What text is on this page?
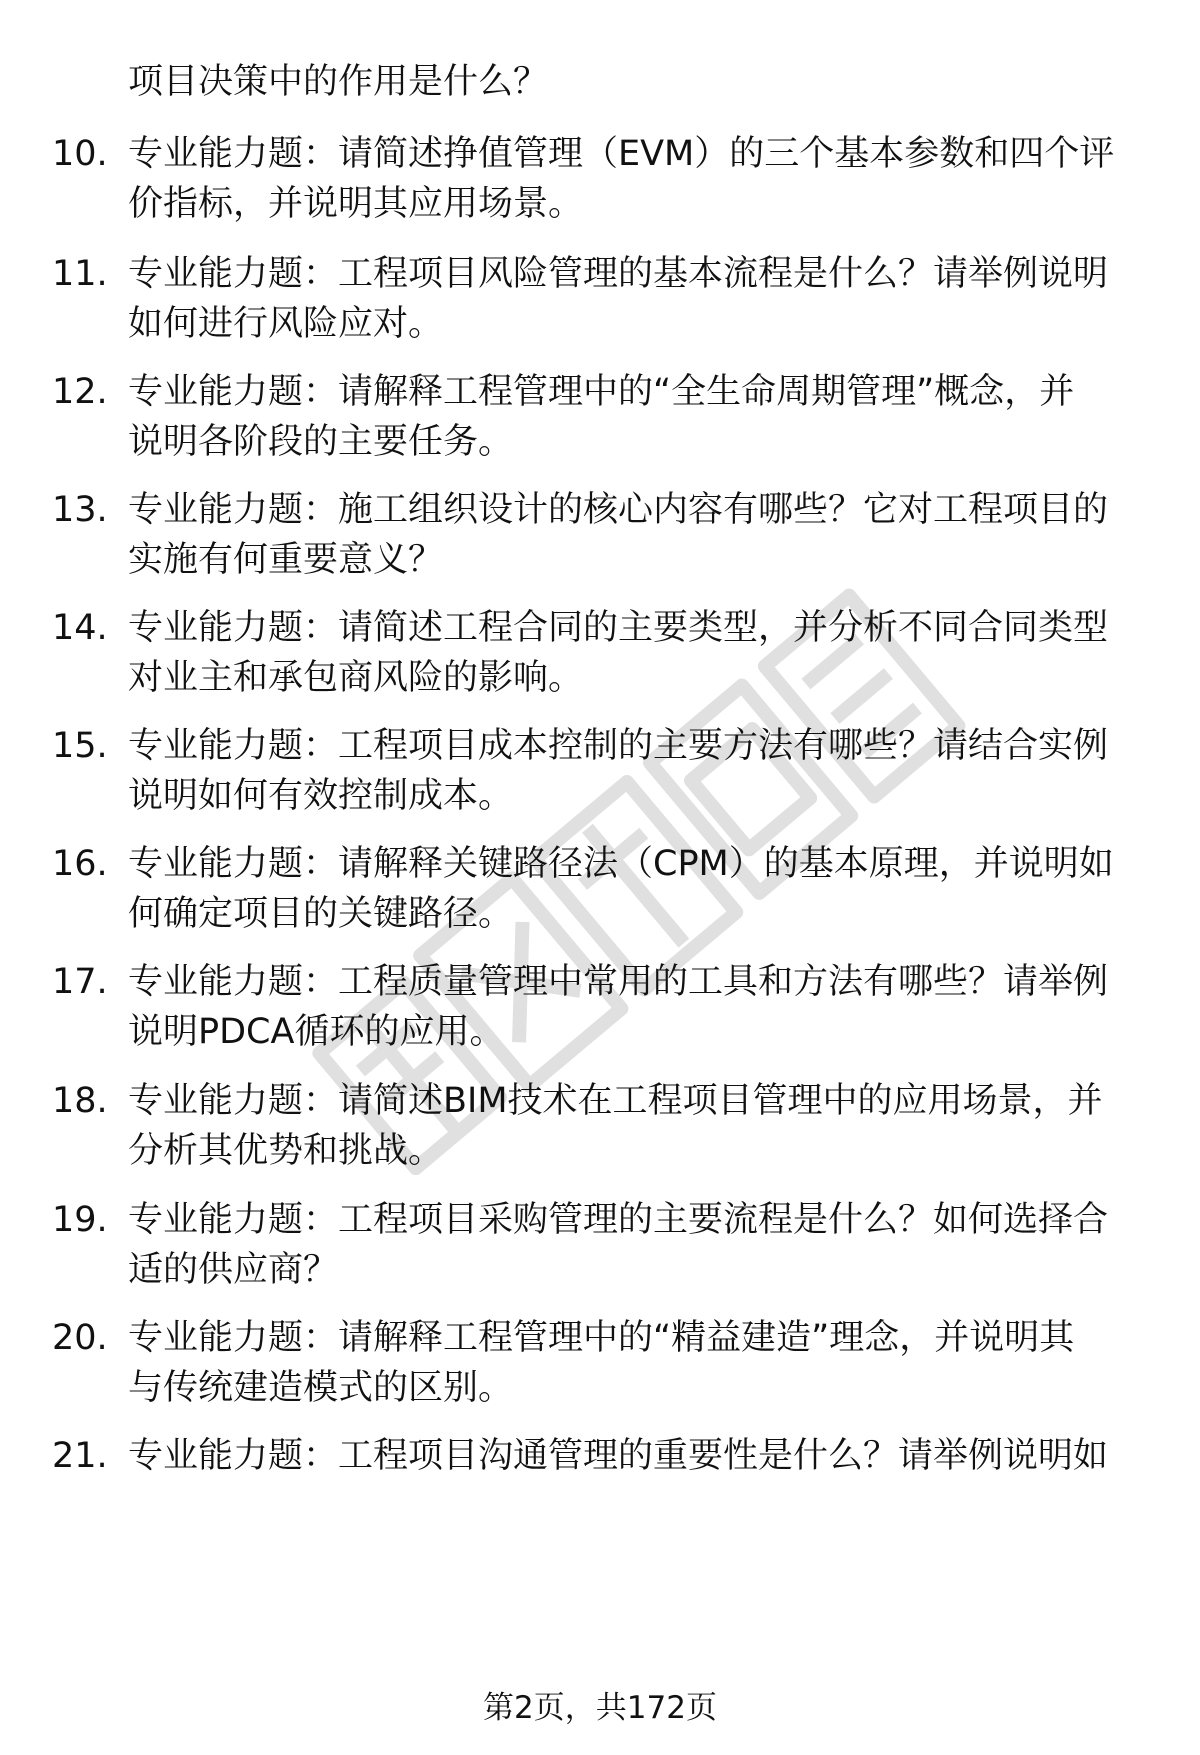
项目决策中的作用是什么？
10. 专业能力题：请简述挣值管理（EVM）的三个基本参数和四个评
价指标，并说明其应用场景。
11. 专业能力题：工程项目风险管理的基本流程是什么？请举例说明
如何进行风险应对。
12. 专业能力题：请解释工程管理中的“全生命周期管理”概念，并
说明各阶段的主要任务。
13. 专业能力题：施工组织设计的核心内容有哪些？它对工程项目的
实施有何重要意义？
14. 专业能力题：请简述工程合同的主要类型，并分析不同合同类型
对业主和承包商风险的影响。
15. 专业能力题：工程项目成本控制的主要方法有哪些？请结合实例
说明如何有效控制成本。
16. 专业能力题：请解释关键路径法（CPM）的基本原理，并说明如
何确定项目的关键路径。
17. 专业能力题：工程质量管理中常用的工具和方法有哪些？请举例
说明PDCA循环的应用。
18. 专业能力题：请简述BIM技术在工程项目管理中的应用场景，并
分析其优势和挑战。
19. 专业能力题：工程项目采购管理的主要流程是什么？如何选择合
适的供应商？
20. 专业能力题：请解释工程管理中的“精益建造”理念，并说明其
与传统建造模式的区别。
21. 专业能力题：工程项目沟通管理的重要性是什么？请举例说明如
第2页，共172页
